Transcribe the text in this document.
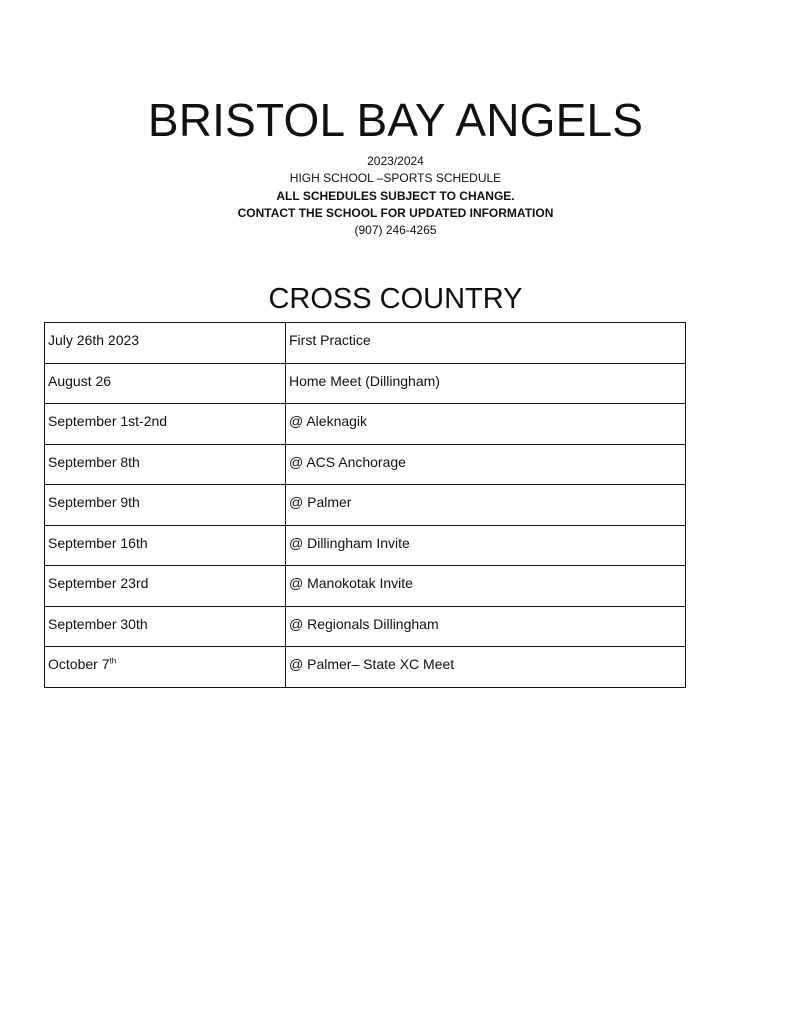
BRISTOL BAY ANGELS

2023/2024

HIGH SCHOOL –SPORTS SCHEDULE

ALL SCHEDULES SUBJECT TO CHANGE.

CONTACT THE SCHOOL FOR UPDATED INFORMATION

(907) 246-4265

CROSS COUNTRY
July 26th 2023	First Practice
August 26	Home Meet (Dillingham)
September 1st-2nd	@ Aleknagik
September 8th	@ ACS Anchorage
September 9th	@ Palmer
September 16th	@ Dillingham Invite
September 23rd	@ Manokotak Invite
September 30th	@ Regionals Dillingham
October 7th	@ Palmer– State XC Meet
